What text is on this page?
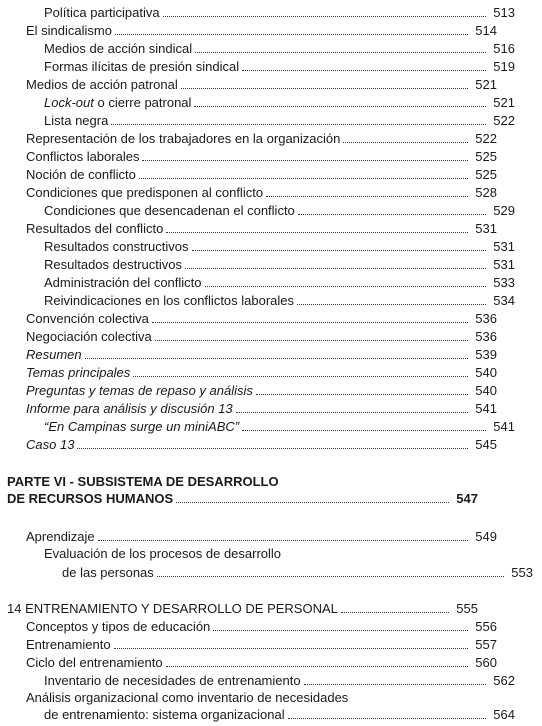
Política participativa	513
El sindicalismo	514
Medios de acción sindical	516
Formas ilícitas de presión sindical	519
Medios de acción patronal	521
Lock-out o cierre patronal	521
Lista negra	522
Representación de los trabajadores en la organización	522
Conflictos laborales	525
Noción de conflicto	525
Condiciones que predisponen al conflicto	528
Condiciones que desencadenan el conflicto	529
Resultados del conflicto	531
Resultados constructivos	531
Resultados destructivos	531
Administración del conflicto	533
Reivindicaciones en los conflictos laborales	534
Convención colectiva	536
Negociación colectiva	536
Resumen	539
Temas principales	540
Preguntas y temas de repaso y análisis	540
Informe para análisis y discusión 13	541
“En Campinas surge un miniABC”	541
Caso 13	545
PARTE VI - SUBSISTEMA DE DESARROLLO
DE RECURSOS HUMANOS	547
Aprendizaje	549
Evaluación de los procesos de desarrollo
de las personas	553
14 ENTRENAMIENTO Y DESARROLLO DE PERSONAL	555
Conceptos y tipos de educación	556
Entrenamiento	557
Ciclo del entrenamiento	560
Inventario de necesidades de entrenamiento	562
Análisis organizacional como inventario de necesidades
de entrenamiento: sistema organizacional	564
